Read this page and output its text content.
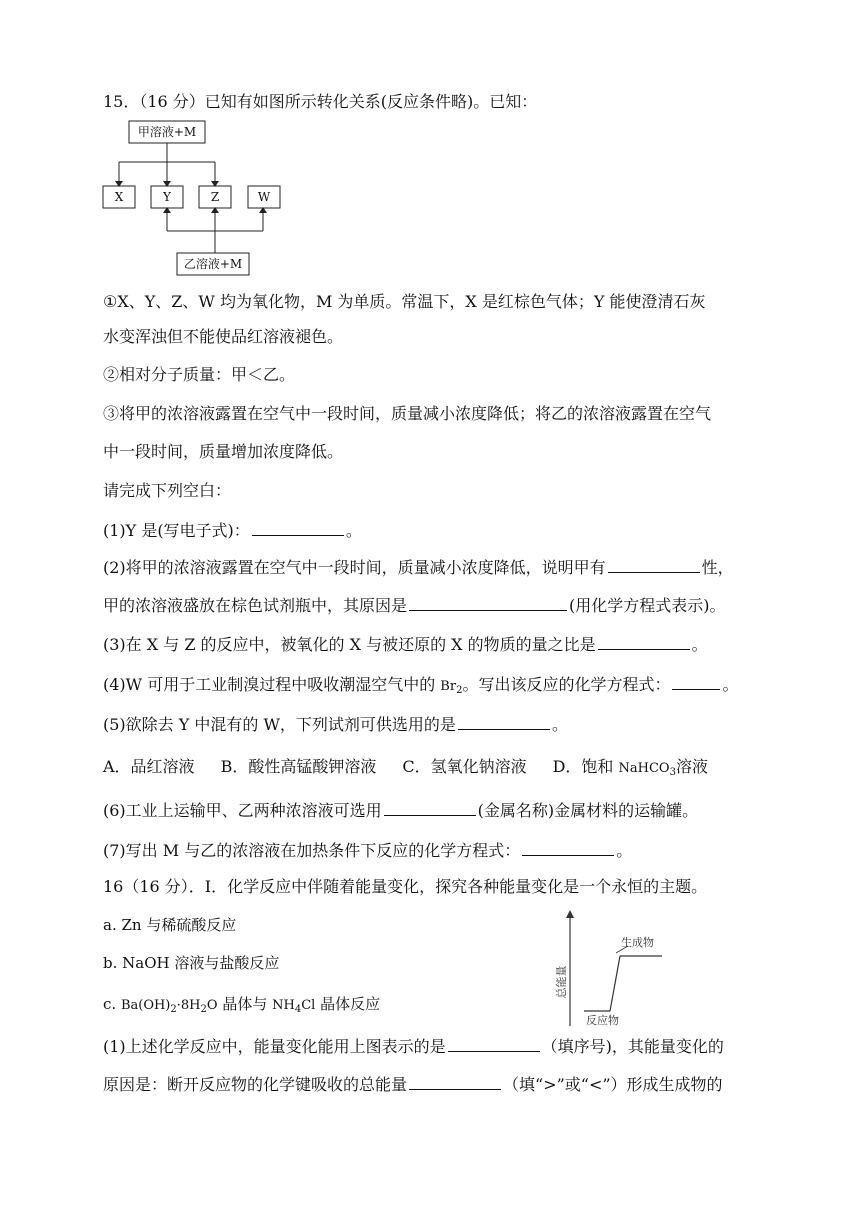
15．（16 分）已知有如图所示转化关系(反应条件略)。已知：
甲溶液+M
X	Y	Z	W
乙溶液+M
①X、Y、Z、W 均为氧化物，M 为单质。常温下，X 是红棕色气体；Y 能使澄清石灰
水变浑浊但不能使品红溶液褪色。
②相对分子质量：甲＜乙。
③将甲的浓溶液露置在空气中一段时间，质量减小浓度降低；将乙的浓溶液露置在空气
中一段时间，质量增加浓度降低。
请完成下列空白：
(1)Y 是(写电子式)：	。
(2)将甲的浓溶液露置在空气中一段时间，质量减小浓度降低，说明甲有	性，
甲的浓溶液盛放在棕色试剂瓶中，其原因是	(用化学方程式表示)。
(3)在 X 与 Z 的反应中，被氧化的 X 与被还原的 X 的物质的量之比是	。
(4)W 可用于工业制溴过程中吸收潮湿空气中的 $Br_2$。写出该反应的化学方程式：	。
(5)欲除去 Y 中混有的 W，下列试剂可供选用的是	。
A．品红溶液 B．酸性高锰酸钾溶液 C．氢氧化钠溶液 D．饱和 NaHCO$_3$溶液
(6)工业上运输甲、乙两种浓溶液可选用	(金属名称)金属材料的运输罐。
(7)写出 M 与乙的浓溶液在加热条件下反应的化学方程式：	。
16（16 分）．I．化学反应中伴随着能量变化，探究各种能量变化是一个永恒的主题。
a. Zn 与稀硫酸反应
b. NaOH 溶液与盐酸反应
c. $Ba(OH)_2\cdot 8H_2O$ 晶体与 $NH_4Cl$ 晶体反应
总能量
生成物
反应物
(1)上述化学反应中，能量变化能用上图表示的是	（填序号)，其能量变化的
原因是：断开反应物的化学键吸收的总能量	（填“>”或“<”）形成生成物的
